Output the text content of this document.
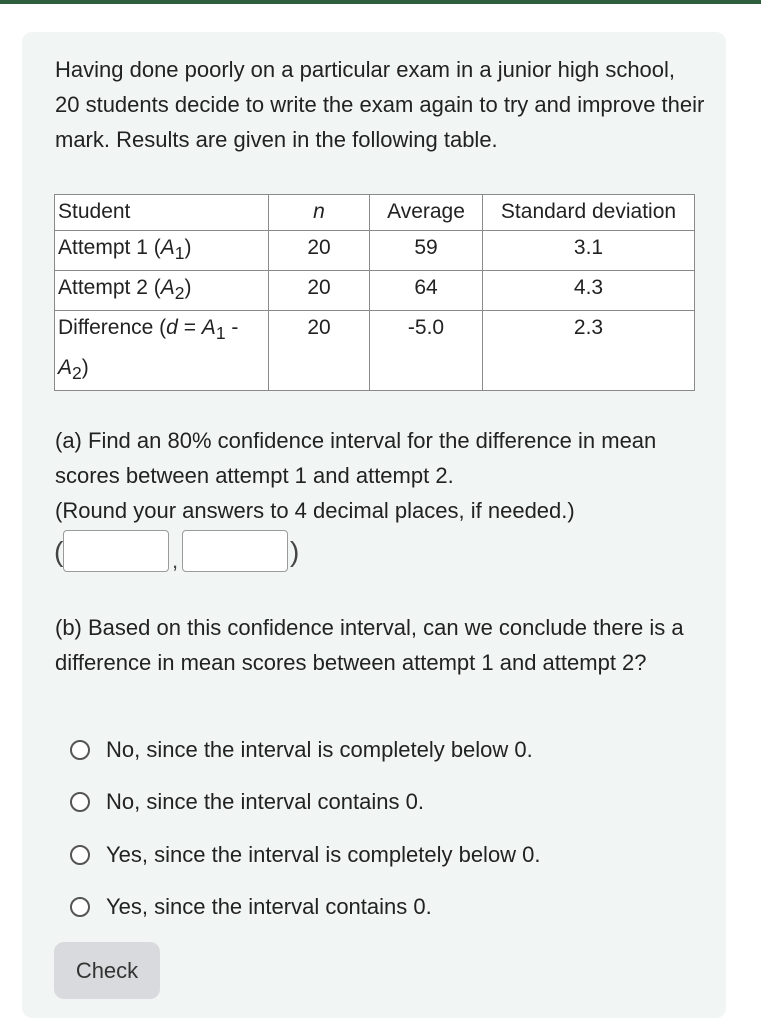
Having done poorly on a particular exam in a junior high school, 20 students decide to write the exam again to try and improve their mark. Results are given in the following table.

Student	n	Average	Standard deviation
Attempt 1 $(A_1)$	20	59	3.1
Attempt 2 $(A_2)$	20	64	4.3
Difference ($d = A_1$ -
$A_2$)	20	-5.0	2.3

(a) Find an 80% confidence interval for the difference in mean scores between attempt 1 and attempt 2.
(Round your answers to 4 decimal places, if needed.)

(	,	)

(b) Based on this confidence interval, can we conclude there is a difference in mean scores between attempt 1 and attempt 2?

No, since the interval is completely below 0.
No, since the interval contains 0.
Yes, since the interval is completely below 0.
Yes, since the interval contains 0.
Check
